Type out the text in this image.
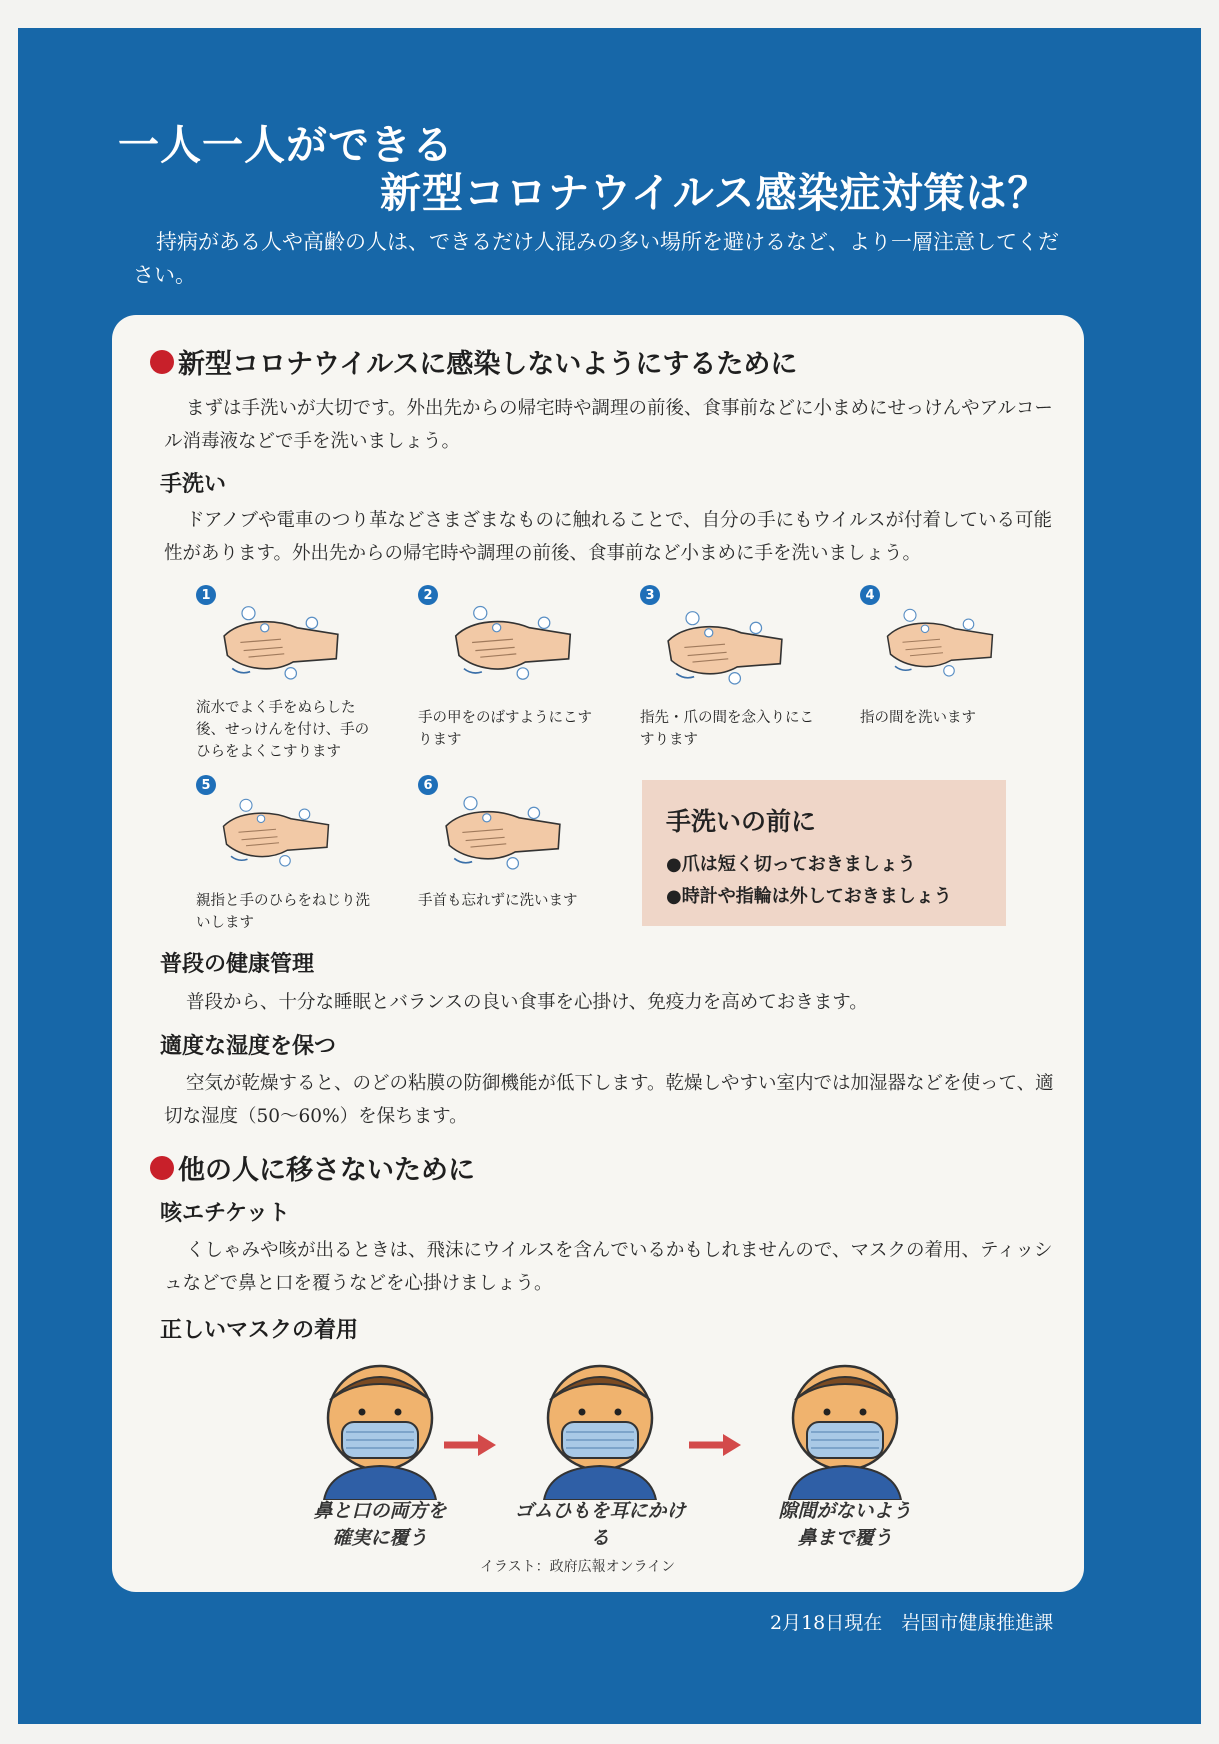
一人一人ができる
新型コロナウイルス感染症対策は？
持病がある人や高齢の人は、できるだけ人混みの多い場所を避けるなど、より一層注意してください。
新型コロナウイルスに感染しないようにするために
まずは手洗いが大切です。外出先からの帰宅時や調理の前後、食事前などに小まめにせっけんやアルコール消毒液などで手を洗いましょう。
手洗い
ドアノブや電車のつり革などさまざまなものに触れることで、自分の手にもウイルスが付着している可能性があります。外出先からの帰宅時や調理の前後、食事前など小まめに手を洗いましょう。
1
流水でよく手をぬらした後、せっけんを付け、手のひらをよくこすります
2
手の甲をのばすようにこすります
3
指先・爪の間を念入りにこすります
4
指の間を洗います
5
親指と手のひらをねじり洗いします
6
手首も忘れずに洗います
手洗いの前に
●爪は短く切っておきましょう
●時計や指輪は外しておきましょう
普段の健康管理
普段から、十分な睡眠とバランスの良い食事を心掛け、免疫力を高めておきます。
適度な湿度を保つ
空気が乾燥すると、のどの粘膜の防御機能が低下します。乾燥しやすい室内では加湿器などを使って、適切な湿度（50～60%）を保ちます。
他の人に移さないために
咳エチケット
くしゃみや咳が出るときは、飛沫にウイルスを含んでいるかもしれませんので、マスクの着用、ティッシュなどで鼻と口を覆うなどを心掛けましょう。
正しいマスクの着用
鼻と口の両方を
確実に覆う
ゴムひもを耳にかける
隙間がないよう
鼻まで覆う
イラスト：政府広報オンライン
2月18日現在　岩国市健康推進課
